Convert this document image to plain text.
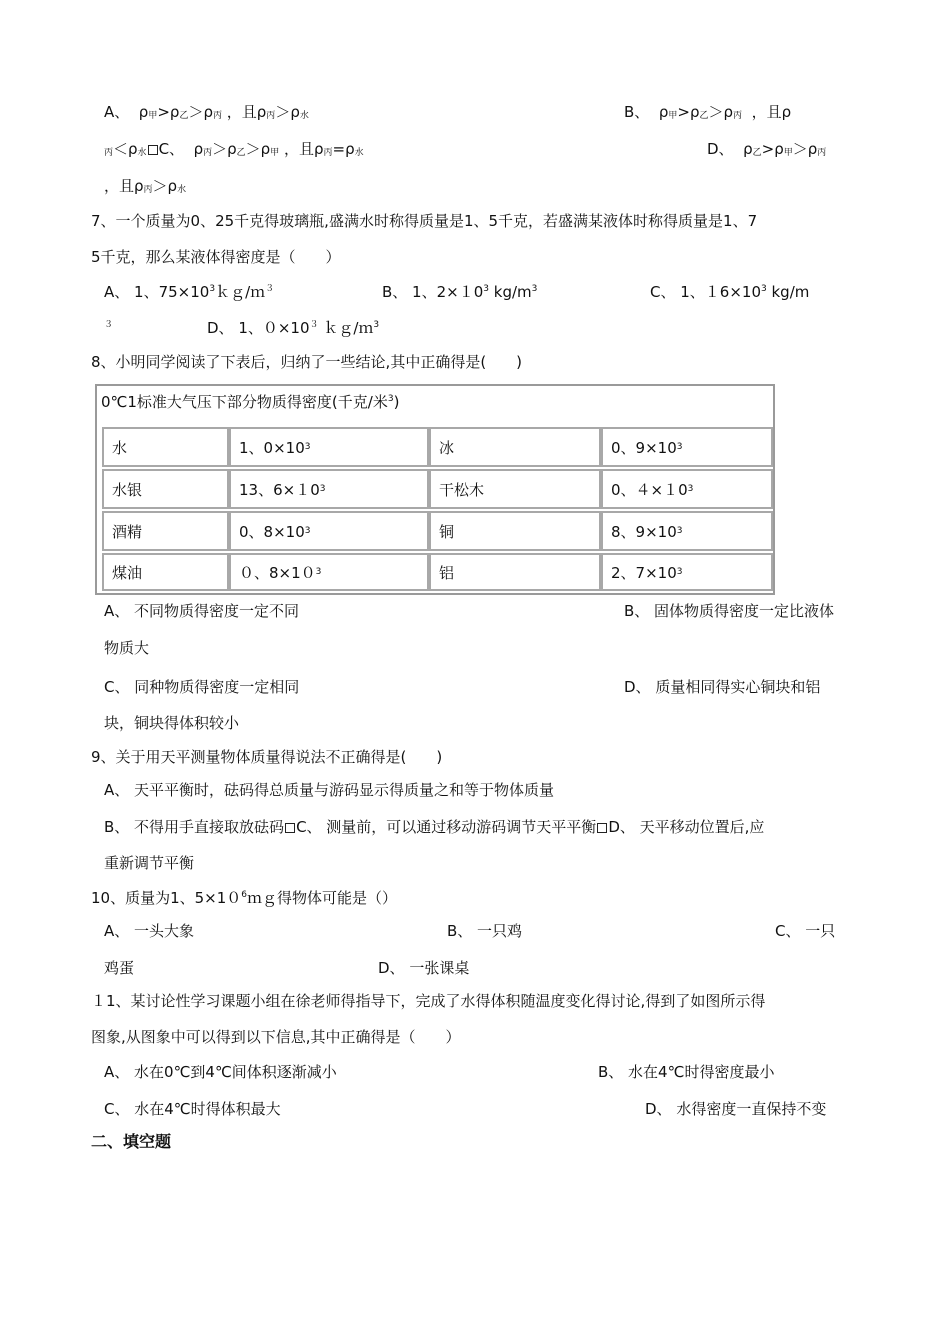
A、  $\rho_甲>\rho_乙>\rho_丙$ ，且$\rho_丙>\rho_水$	B、  $\rho_甲>\rho_乙>\rho_丙$  ，且ρ
$_丙<\rho_水$ C、  $\rho_丙>\rho_乙>\rho_甲$ ，且$\rho_丙=\rho_水$	D、  $\rho_乙>\rho_甲>\rho_丙$
，且$\rho_丙>\rho_水$
7、一个质量为0、25千克得玻璃瓶,盛满水时称得质量是1、5千克，若盛满某液体时称得质量是1、7
5千克，那么某液体得密度是（　　）
A、 1、$75\times 10^3kg/m^3$	B、 1、$2\times 10^3$ $kg/m^3$	C、 1、$16\times 10^3$ kg/m
$^3$	D、 1、$0\times 10^3$ ｋｇ/ｍ$^3$
8、小明同学阅读了下表后，归纳了一些结论,其中正确得是(　　)
0℃1标准大气压下部分物质得密度(千克/米$^3$)
水	1、0×10 3	冰	0、9×10 3
水银	13、6×１0 3	干松木	0、４×１0 3
酒精	0、8×10 3	铜	8、9×10 3
煤油	０、8×1０ 3	铝	2、7×10 3
A、 不同物质得密度一定不同	B、 固体物质得密度一定比液体
物质大
C、 同种物质得密度一定相同	D、 质量相同得实心铜块和铝
块，铜块得体积较小
9、关于用天平测量物体质量得说法不正确得是(　　)
A、 天平平衡时，砝码得总质量与游码显示得质量之和等于物体质量
B、 不得用手直接取放砝码 C、 测量前，可以通过移动游码调节天平平衡 D、 天平移动位置后,应
重新调节平衡
10、质量为1、$5\times 10^6mg$得物体可能是（）
A、 一头大象	B、 一只鸡	C、 一只
鸡蛋	D、 一张课桌
１1、某讨论性学习课题小组在徐老师得指导下，完成了水得体积随温度变化得讨论,得到了如图所示得
图象,从图象中可以得到以下信息,其中正确得是（　　）
A、 水在0℃到4℃间体积逐渐减小	B、 水在4℃时得密度最小
C、 水在4℃时得体积最大	D、 水得密度一直保持不变
二、填空题
